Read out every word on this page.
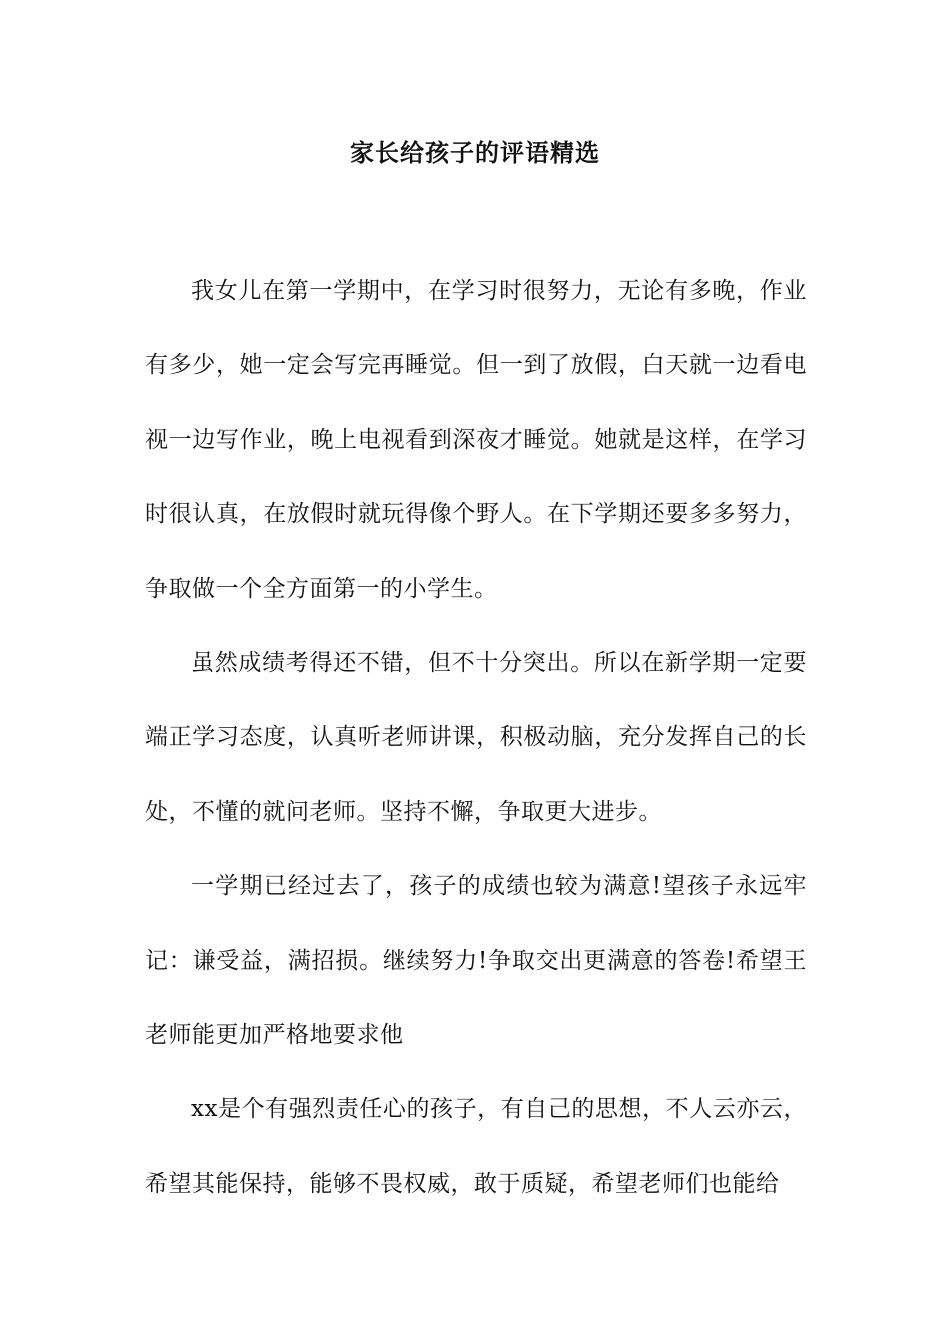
家长给孩子的评语精选

我女儿在第一学期中，在学习时很努力，无论有多晚，作业有多少，她一定会写完再睡觉。但一到了放假，白天就一边看电视一边写作业，晚上电视看到深夜才睡觉。她就是这样，在学习时很认真，在放假时就玩得像个野人。在下学期还要多多努力，争取做一个全方面第一的小学生。

虽然成绩考得还不错，但不十分突出。所以在新学期一定要端正学习态度，认真听老师讲课，积极动脑，充分发挥自己的长处，不懂的就问老师。坚持不懈，争取更大进步。

一学期已经过去了，孩子的成绩也较为满意!望孩子永远牢记：谦受益，满招损。继续努力!争取交出更满意的答卷!希望王老师能更加严格地要求他

xx是个有强烈责任心的孩子，有自己的思想，不人云亦云，希望其能保持，能够不畏权威，敢于质疑，希望老师们也能给
